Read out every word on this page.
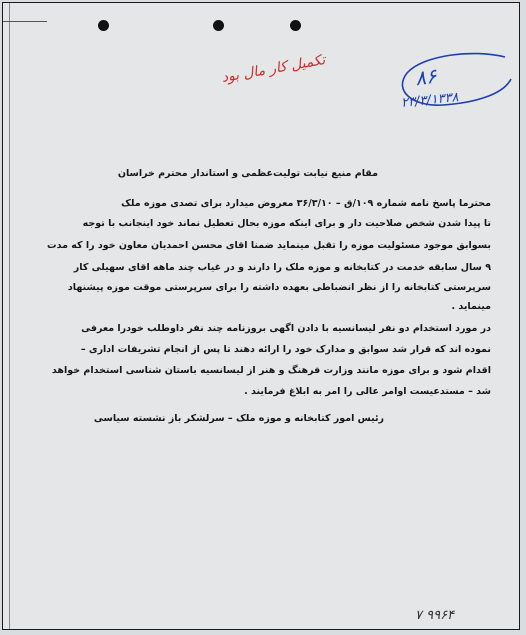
تکمیل کار مال بود	۸۶
۲۳/۳/۱۳۳۸
مقام منیع نیابت تولیت‌عظمی و استاندار محترم خراسان
محترما پاسخ نامه شماره ۱۰۹/ق – ۳۶/۳/۱۰ معروض میدارد برای تصدی موزه ملک
تا پیدا شدن شخص صلاحیت دار و برای اینکه موزه بحال تعطیل نماند خود اینجانب با توجه
بسوابق موجود مسئولیت موزه را تقبل مینماید ضمنا اقای محسن احمدیان معاون خود را که مدت
۹ سال سابقه خدمت در کتابخانه و موزه ملک را دارند و در غیاب چند ماهه اقای سهیلی کار
سرپرستی کتابخانه را از نظر انضباطی بعهده داشته را برای سرپرستی موقت موزه پیشنهاد
مینماید .
در مورد استخدام دو نفر لیسانسیه با دادن اگهی بروزنامه چند نفر داوطلب خودرا معرفی
نموده اند که قرار شد سوابق و مدارک خود را ارائه دهند تا پس از انجام تشریفات اداری –
اقدام شود و برای موزه مانند وزارت فرهنگ و هنر از لیسانسیه باستان شناسی استخدام خواهد
شد – مستدعیست اوامر عالی را امر به ابلاغ فرمایند .
رئیس امور کتابخانه و موزه ملک – سرلشکر باز نشسته سیاسی
۷ ۹۹۶۴
